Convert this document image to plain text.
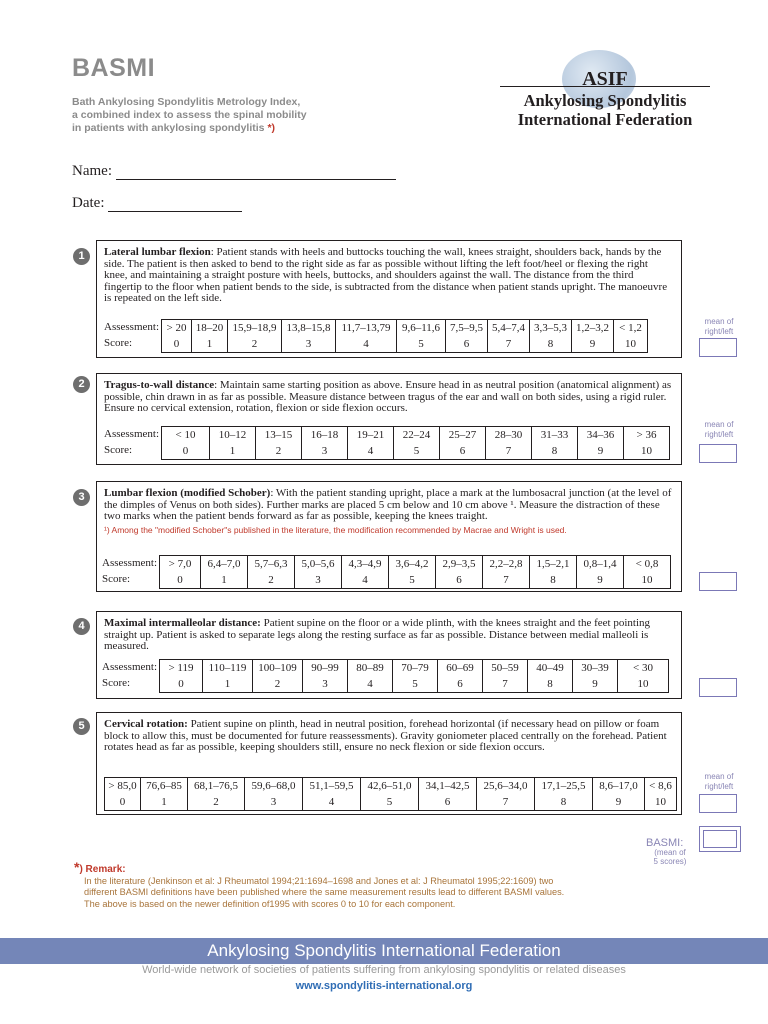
BASMI
Bath Ankylosing Spondylitis Metrology Index,
a combined index to assess the spinal mobility
in patients with ankylosing spondylitis *)
ASIF
Ankylosing Spondylitis
International Federation
Name:
Date:
1	Lateral lumbar flexion: Patient stands with heels and buttocks touching the wall, knees straight, shoulders back, hands by the side. The patient is then asked to bend to the right side as far as possible without lifting the left foot/heel or flexing the right knee, and maintaining a straight posture with heels, buttocks, and shoulders against the wall. The distance from the third fingertip to the floor when patient bends to the side, is subtracted from the distance when patient stands upright. The manoeuvre is repeated on the left side.
Assessment:
Score:
> 20	18–20	15,9–18,9	13,8–15,8	11,7–13,79	9,6–11,6	7,5–9,5	5,4–7,4	3,3–5,3	1,2–3,2	< 1,2
0	1	2	3	4	5	6	7	8	9	10
mean of
right/left
2	Tragus-to-wall distance: Maintain same starting position as above. Ensure head in as neutral position (anatomical alignment) as possible, chin drawn in as far as possible. Measure distance between tragus of the ear and wall on both sides, using a rigid ruler. Ensure no cervical extension, rotation, flexion or side flexion occurs.
Assessment:
Score:
< 10	10–12	13–15	16–18	19–21	22–24	25–27	28–30	31–33	34–36	> 36
0	1	2	3	4	5	6	7	8	9	10
mean of
right/left
3	Lumbar flexion (modified Schober): With the patient standing upright, place a mark at the lumbosacral junction (at the level of the dimples of Venus on both sides). Further marks are placed 5 cm below and 10 cm above ¹. Measure the distraction of these two marks when the patient bends forward as far as possible, keeping the knees traight.
¹) Among the "modified Schober"s published in the literature, the modification recommended by Macrae and Wright is used.
Assessment:
Score:
> 7,0	6,4–7,0	5,7–6,3	5,0–5,6	4,3–4,9	3,6–4,2	2,9–3,5	2,2–2,8	1,5–2,1	0,8–1,4	< 0,8
0	1	2	3	4	5	6	7	8	9	10
4	Maximal intermalleolar distance: Patient supine on the floor or a wide plinth, with the knees straight and the feet pointing straight up. Patient is asked to separate legs along the resting surface as far as possible. Distance between medial malleoli is measured.
Assessment:
Score:
> 119	110–119	100–109	90–99	80–89	70–79	60–69	50–59	40–49	30–39	< 30
0	1	2	3	4	5	6	7	8	9	10
5	Cervical rotation: Patient supine on plinth, head in neutral position, forehead horizontal (if necessary head on pillow or foam block to allow this, must be documented for future reassessments). Gravity goniometer placed centrally on the forehead. Patient rotates head as far as possible, keeping shoulders still, ensure no neck flexion or side flexion occurs.
> 85,0	76,6–85	68,1–76,5	59,6–68,0	51,1–59,5	42,6–51,0	34,1–42,5	25,6–34,0	17,1–25,5	8,6–17,0	< 8,6
0	1	2	3	4	5	6	7	8	9	10
mean of
right/left
BASMI:
(mean of
5 scores)
*) Remark:
In the literature (Jenkinson et al: J Rheumatol 1994;21:1694–1698 and Jones et al: J Rheumatol 1995;22:1609) two
different BASMI definitions have been published where the same measurement results lead to different BASMI values.
The above is based on the newer definition of1995 with scores 0 to 10 for each component.
Ankylosing Spondylitis International Federation
World-wide network of societies of patients suffering from ankylosing spondylitis or related diseases
www.spondylitis-international.org
